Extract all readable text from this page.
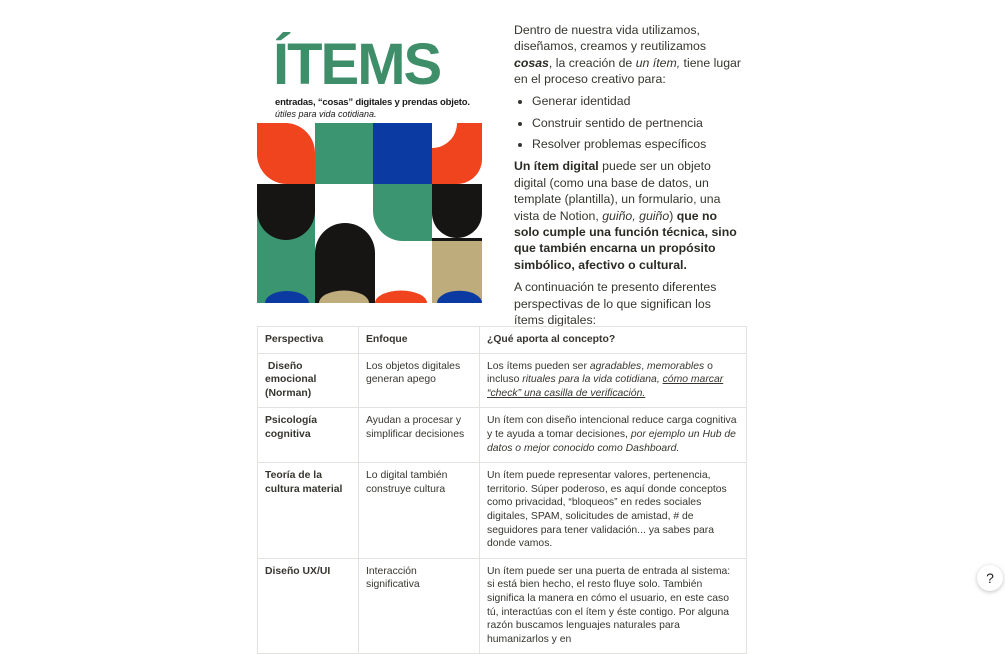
ÍTEMS
entradas, “cosas” digitales y prendas objeto.
útiles para vida cotidiana.

Dentro de nuestra vida utilizamos, diseñamos, creamos y reutilizamos cosas, la creación de un ítem, tiene lugar en el proceso creativo para:

• Generar identidad
• Construir sentido de pertnencia
• Resolver problemas específicos

Un ítem digital puede ser un objeto digital (como una base de datos, un template (plantilla), un formulario, una vista de Notion, guiño, guiño) que no solo cumple una función técnica, sino que también encarna un propósito simbólico, afectivo o cultural.

A continuación te presento diferentes perspectivas de lo que significan los ítems digitales:

Perspectiva	Enfoque	¿Qué aporta al concepto?
Diseño emocional (Norman)	Los objetos digitales generan apego	Los ítems pueden ser agradables, memorables o incluso rituales para la vida cotidiana, cómo marcar “check” una casilla de verificación.
Psicología cognitiva	Ayudan a procesar y simplificar decisiones	Un ítem con diseño intencional reduce carga cognitiva y te ayuda a tomar decisiones, por ejemplo un Hub de datos o mejor conocido como Dashboard.
Teoría de la cultura material	Lo digital también construye cultura	Un ítem puede representar valores, pertenencia, territorio. Súper poderoso, es aquí donde conceptos como privacidad, “bloqueos” en redes sociales digitales, SPAM, solicitudes de amistad, # de seguidores para tener validación... ya sabes para donde vamos.
Diseño UX/UI	Interacción significativa	Un ítem puede ser una puerta de entrada al sistema: si está bien hecho, el resto fluye solo. También significa la manera en cómo el usuario, en este caso tú, interactúas con el ítem y éste contigo. Por alguna razón buscamos lenguajes naturales para humanizarlos y en
?
